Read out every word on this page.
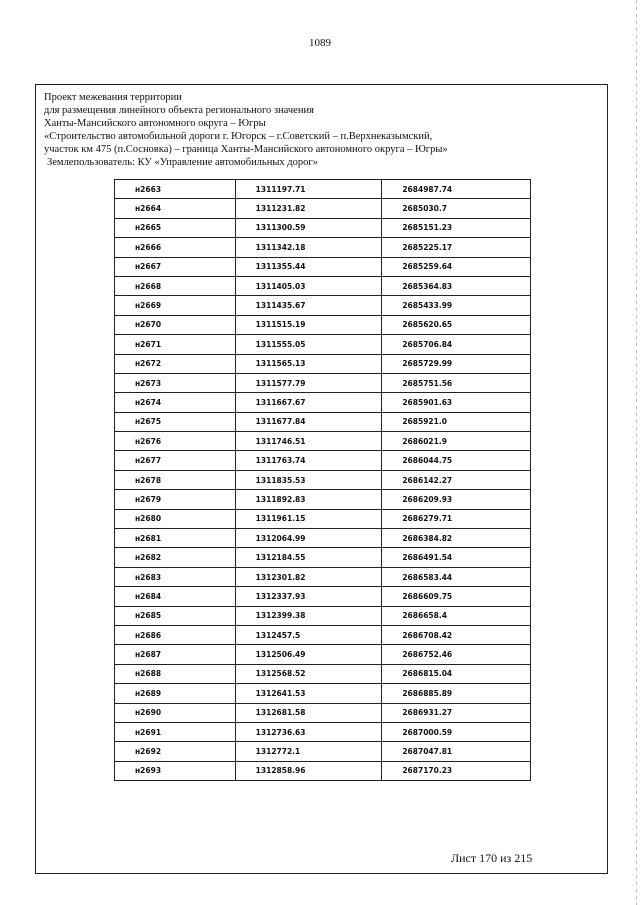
1089
Проект межевания территории
для размещения линейного объекта регионального значения
Ханты-Мансийского автономного округа – Югры
«Строительство автомобильной дороги г. Югорск – г.Советский – п.Верхнеказымский,
участок км 475 (п.Сосновка) – граница Ханты-Мансийского автономного округа – Югры»
Землепользователь: КУ «Управление автомобильных дорог»
н2663	1311197.71	2684987.74
н2664	1311231.82	2685030.7
н2665	1311300.59	2685151.23
н2666	1311342.18	2685225.17
н2667	1311355.44	2685259.64
н2668	1311405.03	2685364.83
н2669	1311435.67	2685433.99
н2670	1311515.19	2685620.65
н2671	1311555.05	2685706.84
н2672	1311565.13	2685729.99
н2673	1311577.79	2685751.56
н2674	1311667.67	2685901.63
н2675	1311677.84	2685921.0
н2676	1311746.51	2686021.9
н2677	1311763.74	2686044.75
н2678	1311835.53	2686142.27
н2679	1311892.83	2686209.93
н2680	1311961.15	2686279.71
н2681	1312064.99	2686384.82
н2682	1312184.55	2686491.54
н2683	1312301.82	2686583.44
н2684	1312337.93	2686609.75
н2685	1312399.38	2686658.4
н2686	1312457.5	2686708.42
н2687	1312506.49	2686752.46
н2688	1312568.52	2686815.04
н2689	1312641.53	2686885.89
н2690	1312681.58	2686931.27
н2691	1312736.63	2687000.59
н2692	1312772.1	2687047.81
н2693	1312858.96	2687170.23
Лист 170 из 215
